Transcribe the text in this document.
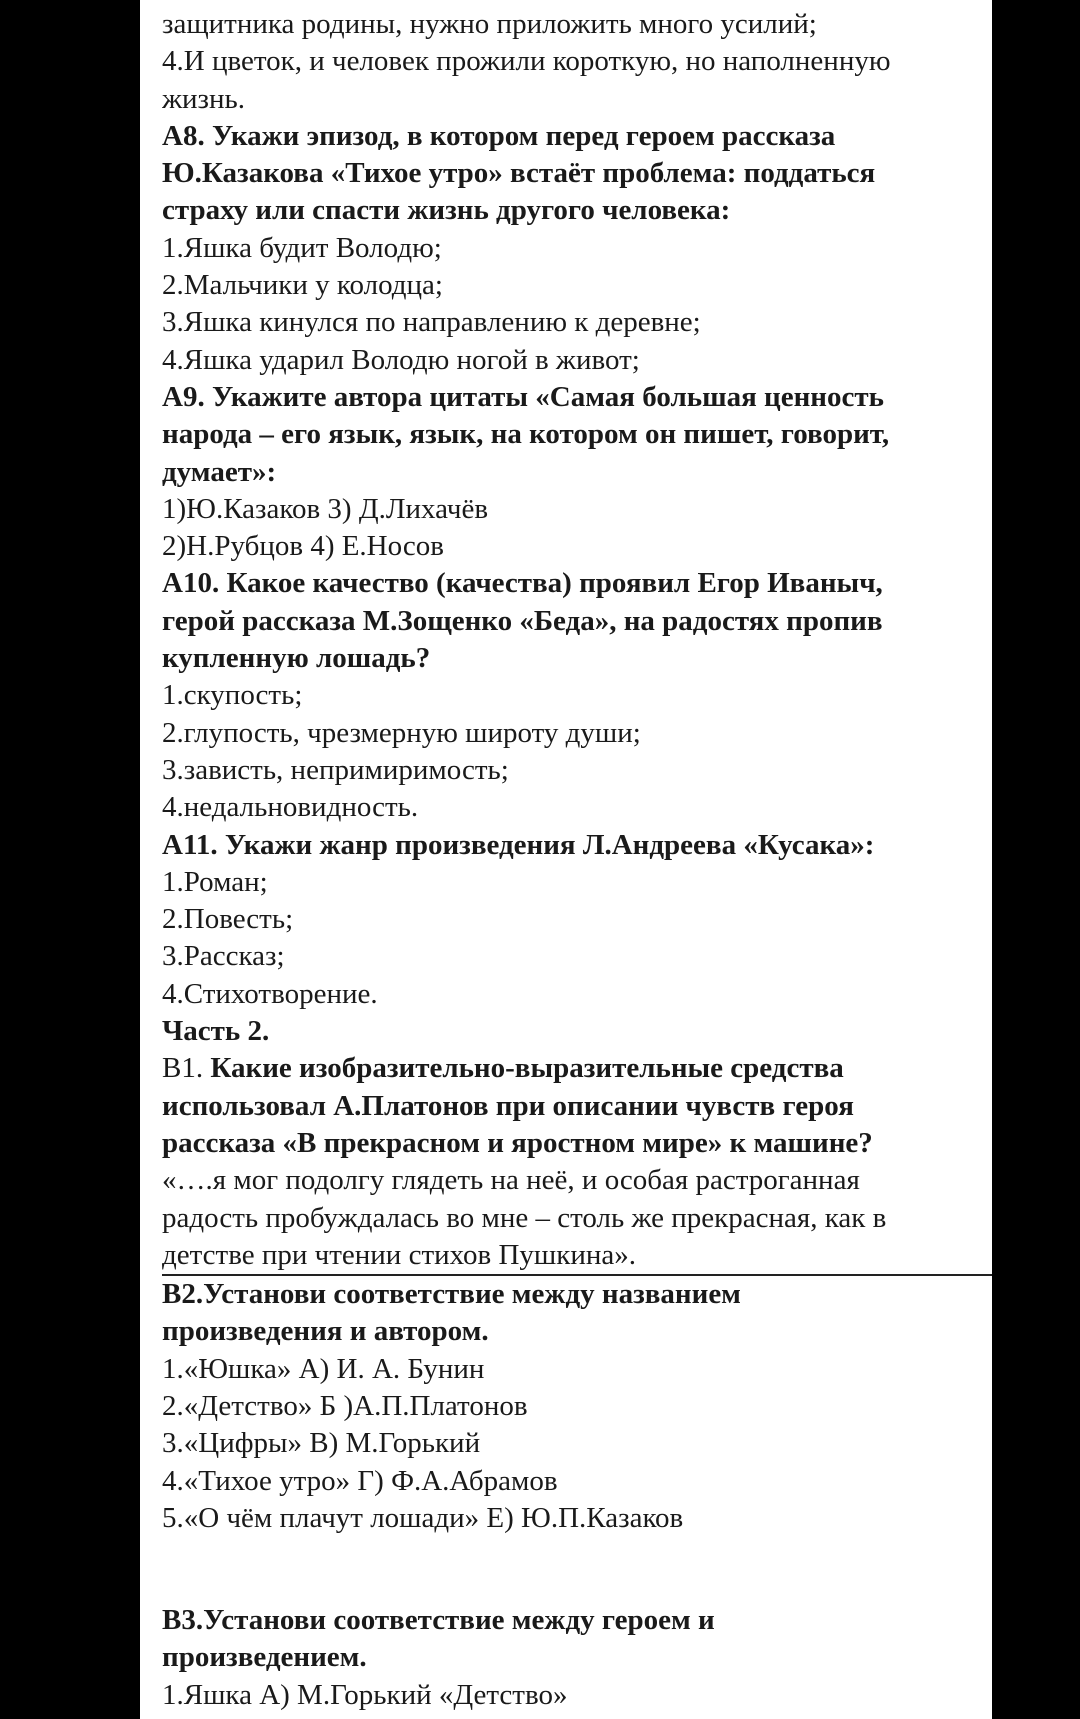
защитника родины, нужно приложить много усилий;
4.И цветок, и человек прожили короткую, но наполненную
жизнь.
А8. Укажи эпизод, в котором перед героем рассказа
Ю.Казакова «Тихое утро» встаёт проблема: поддаться
страху или спасти жизнь другого человека:
1.Яшка будит Володю;
2.Мальчики у колодца;
3.Яшка кинулся по направлению к деревне;
4.Яшка ударил Володю ногой в живот;
А9. Укажите автора цитаты «Самая большая ценность
народа – его язык, язык, на котором он пишет, говорит,
думает»:
1)Ю.Казаков 3) Д.Лихачёв
2)Н.Рубцов 4) Е.Носов
А10. Какое качество (качества) проявил Егор Иваныч,
герой рассказа М.Зощенко «Беда», на радостях пропив
купленную лошадь?
1.скупость;
2.глупость, чрезмерную широту души;
3.зависть, непримиримость;
4.недальновидность.
А11. Укажи жанр произведения Л.Андреева «Кусака»:
1.Роман;
2.Повесть;
3.Рассказ;
4.Стихотворение.
Часть 2.
В1. Какие изобразительно-выразительные средства
использовал А.Платонов при описании чувств героя
рассказа «В прекрасном и яростном мире» к машине?
«….я мог подолгу глядеть на неё, и особая растроганная
радость пробуждалась во мне – столь же прекрасная, как в
детстве при чтении стихов Пушкина».
В2.Установи соответствие между названием
произведения и автором.
1.«Юшка» А) И. А. Бунин
2.«Детство» Б )А.П.Платонов
3.«Цифры» В) М.Горький
4.«Тихое утро» Г) Ф.А.Абрамов
5.«О чём плачут лошади» Е) Ю.П.Казаков
В3.Установи соответствие между героем и
произведением.
1.Яшка А) М.Горький «Детство»
